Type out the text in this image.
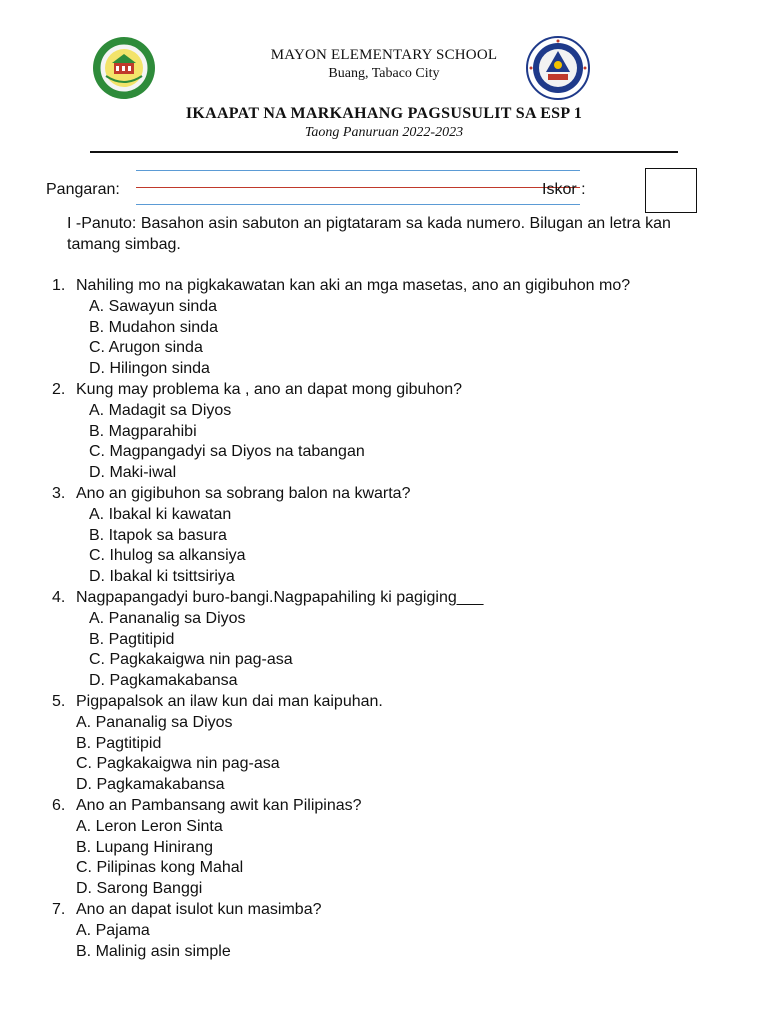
MAYON ELEMENTARY SCHOOL
Buang, Tabaco City
IKAAPAT NA MARKAHANG PAGSUSULIT SA ESP 1
Taong Panuruan 2022-2023
Pangaran:	Iskor :
I -Panuto: Basahon asin sabuton an pigtataram sa kada numero. Bilugan an letra kan tamang simbag.
1. Nahiling mo na pigkakawatan kan aki an mga masetas, ano an gigibuhon mo?
A. Sawayun sinda
B. Mudahon sinda
C. Arugon sinda
D. Hilingon sinda
2. Kung may problema ka , ano an dapat mong gibuhon?
A. Madagit sa Diyos
B. Magparahibi
C. Magpangadyi sa Diyos na tabangan
D. Maki-iwal
3. Ano an gigibuhon sa sobrang balon na kwarta?
A. Ibakal ki kawatan
B. Itapok sa basura
C. Ihulog sa alkansiya
D. Ibakal ki tsittsiriya
4. Nagpapangadyi buro-bangi.Nagpapahiling ki pagiging___
A. Pananalig sa Diyos
B. Pagtitipid
C. Pagkakaigwa nin pag-asa
D. Pagkamakabansa
5. Pigpapalsok an ilaw kun dai man kaipuhan.
A. Pananalig sa Diyos
B. Pagtitipid
C. Pagkakaigwa nin pag-asa
D. Pagkamakabansa
6. Ano an Pambansang awit kan Pilipinas?
A. Leron Leron Sinta
B. Lupang Hinirang
C. Pilipinas kong Mahal
D. Sarong Banggi
7. Ano an dapat isulot kun masimba?
A. Pajama
B. Malinig asin simple
